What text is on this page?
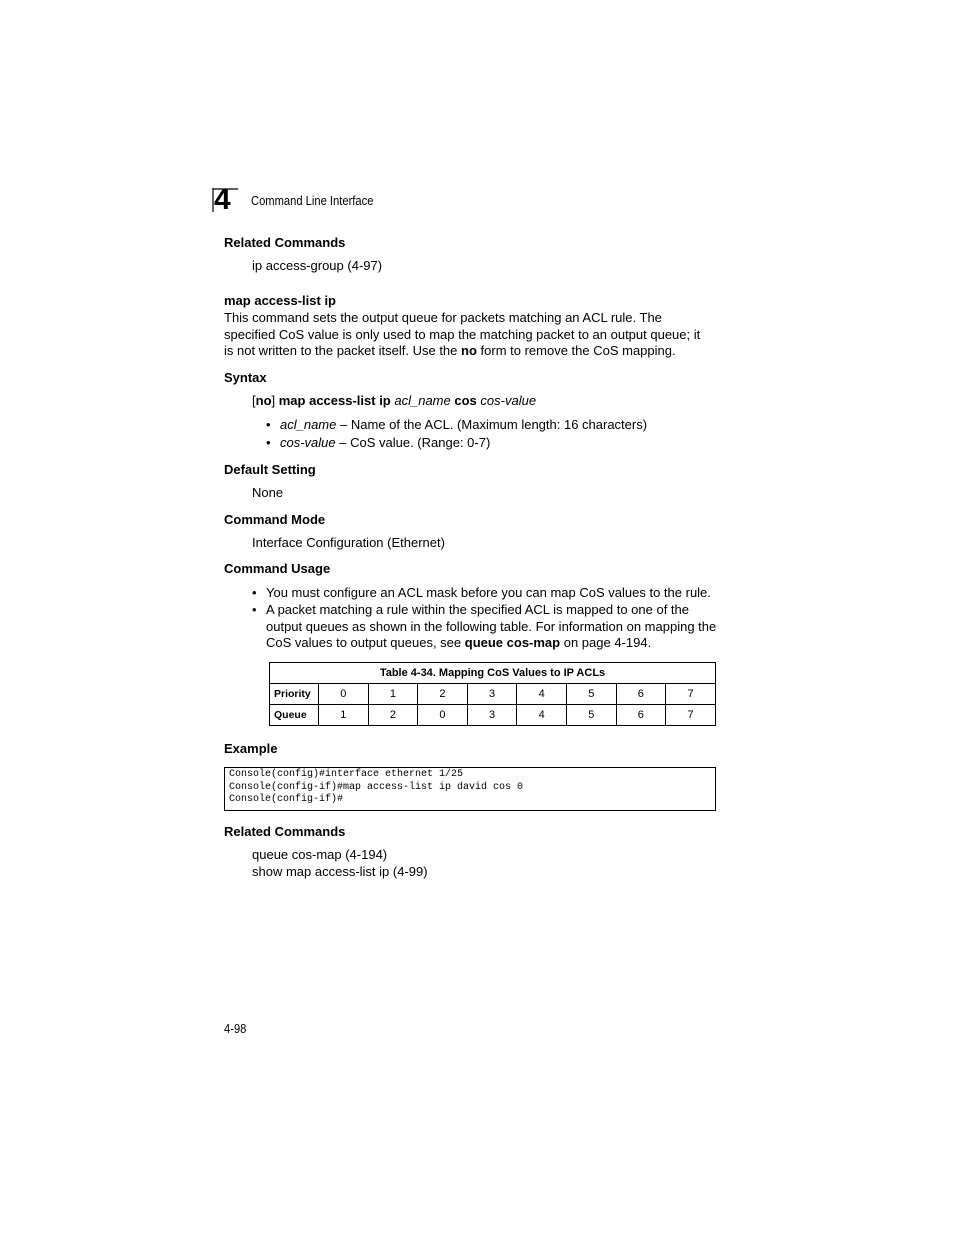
4 Command Line Interface
Related Commands
ip access-group (4-97)
map access-list ip
This command sets the output queue for packets matching an ACL rule. The
specified CoS value is only used to map the matching packet to an output queue; it
is not written to the packet itself. Use the no form to remove the CoS mapping.
Syntax
[no] map access-list ip acl_name cos cos-value
• acl_name – Name of the ACL. (Maximum length: 16 characters)
• cos-value – CoS value. (Range: 0-7)
Default Setting
None
Command Mode
Interface Configuration (Ethernet)
Command Usage
• You must configure an ACL mask before you can map CoS values to the rule.
• A packet matching a rule within the specified ACL is mapped to one of the
output queues as shown in the following table. For information on mapping the
CoS values to output queues, see queue cos-map on page 4-194.
Table 4-34. Mapping CoS Values to IP ACLs								
Priority	0	1	2	3	4	5	6	7
Queue	1	2	0	3	4	5	6	7
Example
Console(config)#interface ethernet 1/25
Console(config-if)#map access-list ip david cos 0
Console(config-if)#
Related Commands
queue cos-map (4-194)
show map access-list ip (4-99)
4-98
